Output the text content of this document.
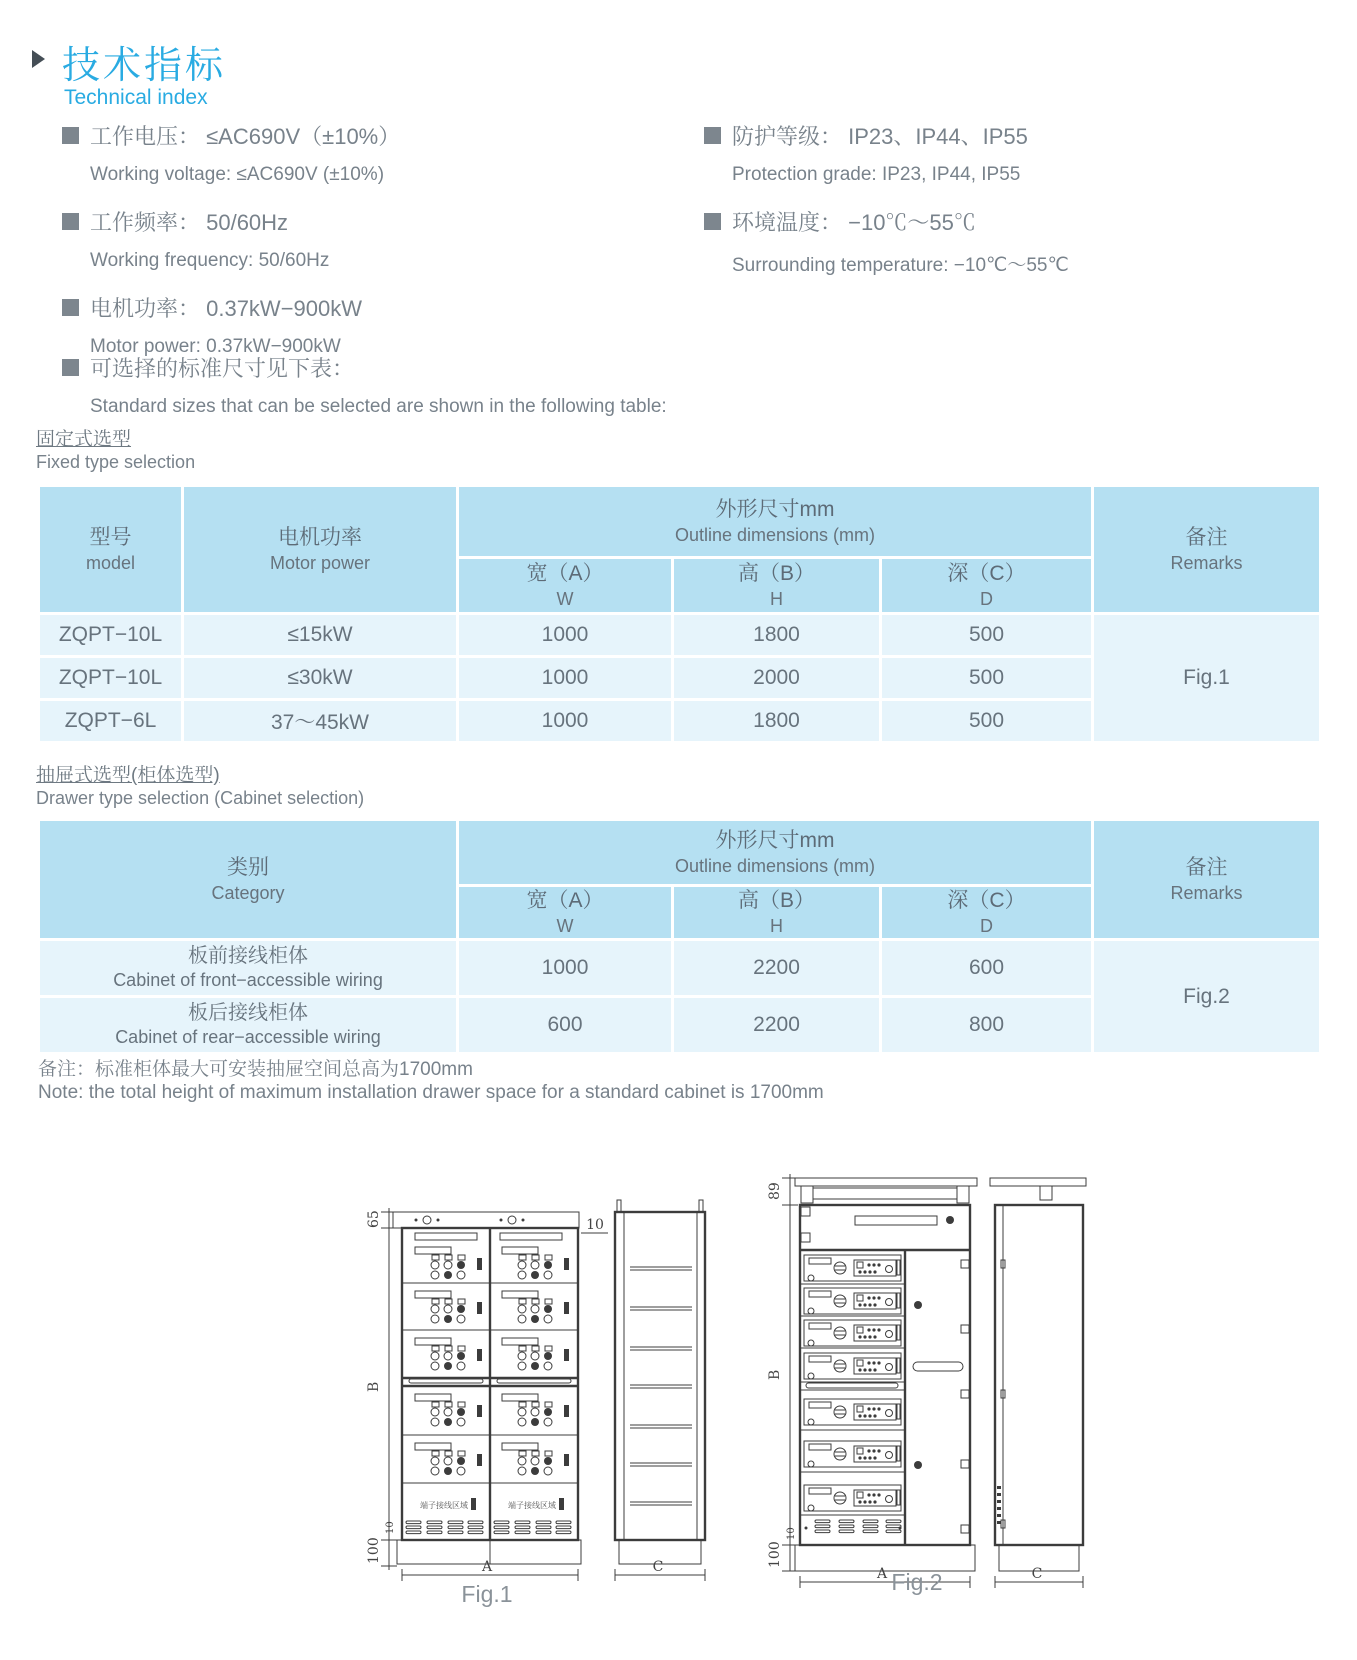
技术指标
Technical index
工作电压： ≤AC690V（±10%）
Working voltage: ≤AC690V (±10%)
工作频率： 50/60Hz
Working frequency: 50/60Hz
电机功率： 0.37kW−900kW
Motor power: 0.37kW−900kW
防护等级： IP23、IP44、IP55
Protection grade: IP23, IP44, IP55
环境温度： −10℃～55℃
Surrounding temperature: −10℃～55℃
可选择的标准尺寸见下表：
Standard sizes that can be selected are shown in the following table:
固定式选型
Fixed type selection
型号
model	电机功率
Motor power	外形尺寸mm
Outline dimensions (mm)			备注
Remarks

		宽（A）
W	高（B）
H	深（C）
D	

ZQPT−10L	≤15kW	1000	1800	500	Fig.1
ZQPT−10L	≤30kW	1000	2000	500	
ZQPT−6L	37～45kW	1000	1800	500	
抽屉式选型(柜体选型)
Drawer type selection (Cabinet selection)
类别
Category	外形尺寸mm
Outline dimensions (mm)			备注
Remarks

	宽（A）
W	高（B）
H	深（C）
D	

板前接线柜体
Cabinet of front−accessible wiring	1000	2200	600	Fig.2

板后接线柜体
Cabinet of rear−accessible wiring	600	2200	800	
备注：标准柜体最大可安装抽屉空间总高为1700mm
Note: the total height of maximum installation drawer space for a standard cabinet is 1700mm
65
B
10
100
端子接线区域	端子接线区域
A
10
C
Fig.1
89
B
10
100
A	C
Fig.2
